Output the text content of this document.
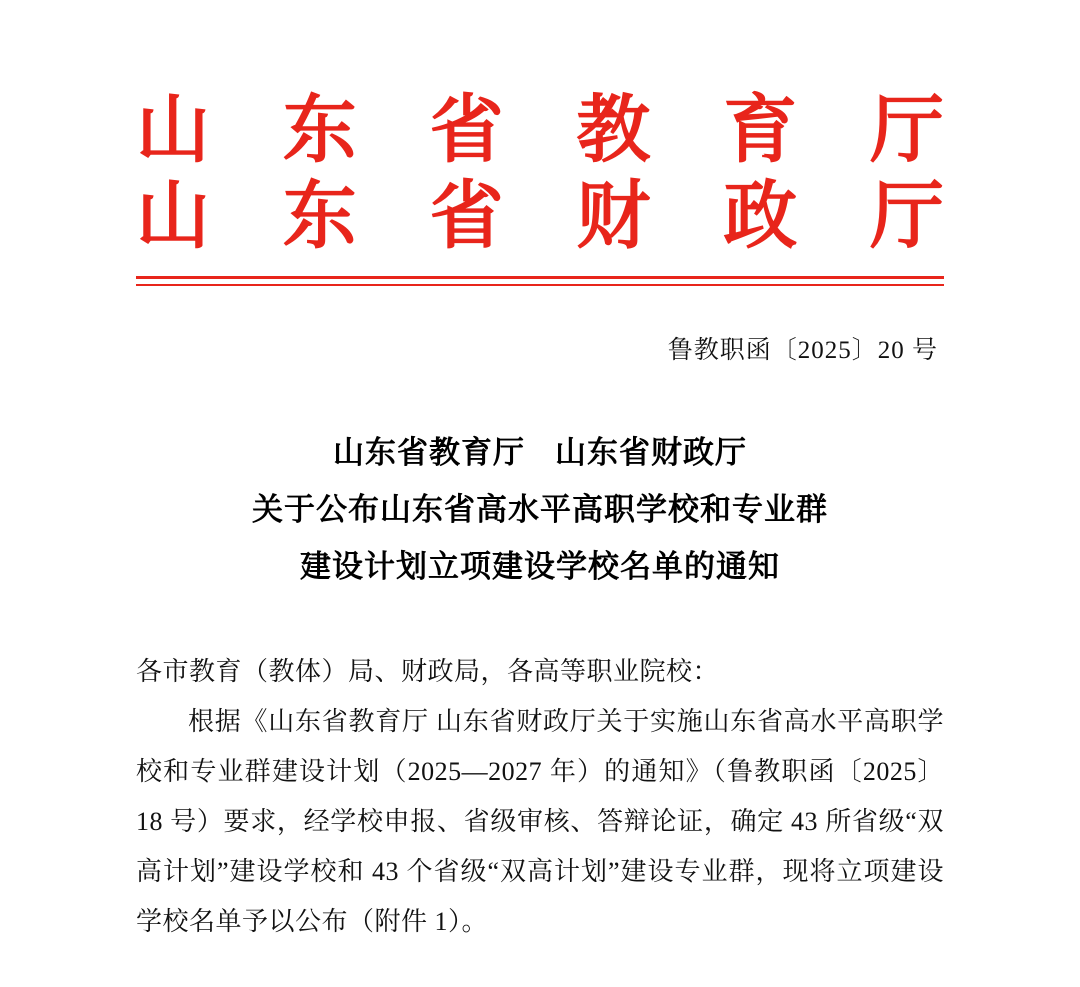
山 东 省 教 育 厅
山 东 省 财 政 厅
鲁教职函〔2025〕20 号
山东省教育厅 山东省财政厅
关于公布山东省高水平高职学校和专业群
建设计划立项建设学校名单的通知

各市教育（教体）局、财政局，各高等职业院校：

根据《山东省教育厅 山东省财政厅关于实施山东省高水平高职学校和专业群建设计划（2025—2027 年）的通知》（鲁教职函〔2025〕18 号）要求，经学校申报、省级审核、答辩论证，确定 43 所省级“双高计划”建设学校和 43 个省级“双高计划”建设专业群，现将立项建设学校名单予以公布（附件 1）。
